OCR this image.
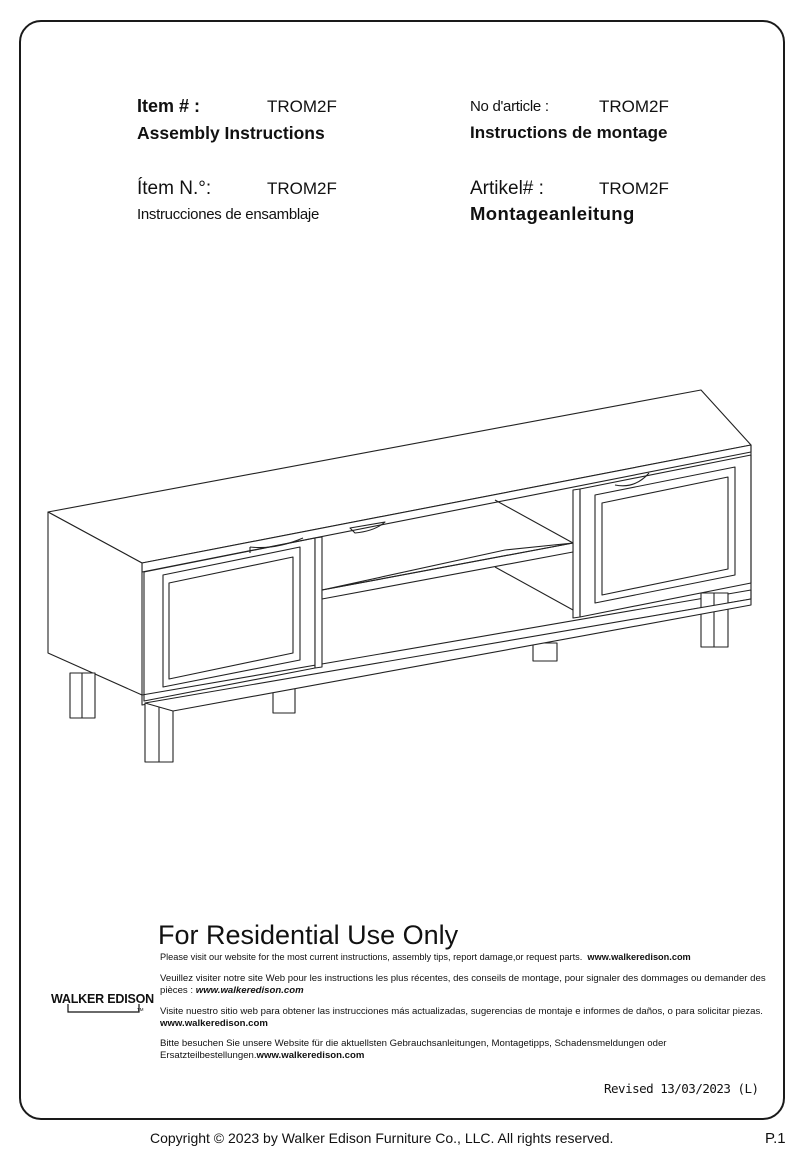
Item # :	TROM2F
Assembly Instructions
No d'article :	TROM2F
Instructions de montage
Ítem N.°:	TROM2F
Instrucciones de ensamblaje
Artikel# :	TROM2F
Montageanleitung
For Residential Use Only
Please visit our website for the most current instructions, assembly tips, report damage,or request parts. www.walkeredison.com
Veuillez visiter notre site Web pour les instructions les plus récentes, des conseils de montage, pour signaler des dommages ou demander des pièces : www.walkeredison.com
Visite nuestro sitio web para obtener las instrucciones más actualizadas, sugerencias de montaje e informes de daños, o para solicitar piezas. www.walkeredison.com
Bitte besuchen Sie unsere Website für die aktuellsten Gebrauchsanleitungen, Montagetipps, Schadensmeldungen oder Ersatzteilbestellungen.www.walkeredison.com
WALKER EDISON
TM
Revised 13/03/2023 (L)
Copyright © 2023 by Walker Edison Furniture Co., LLC. All rights reserved.	P.1
